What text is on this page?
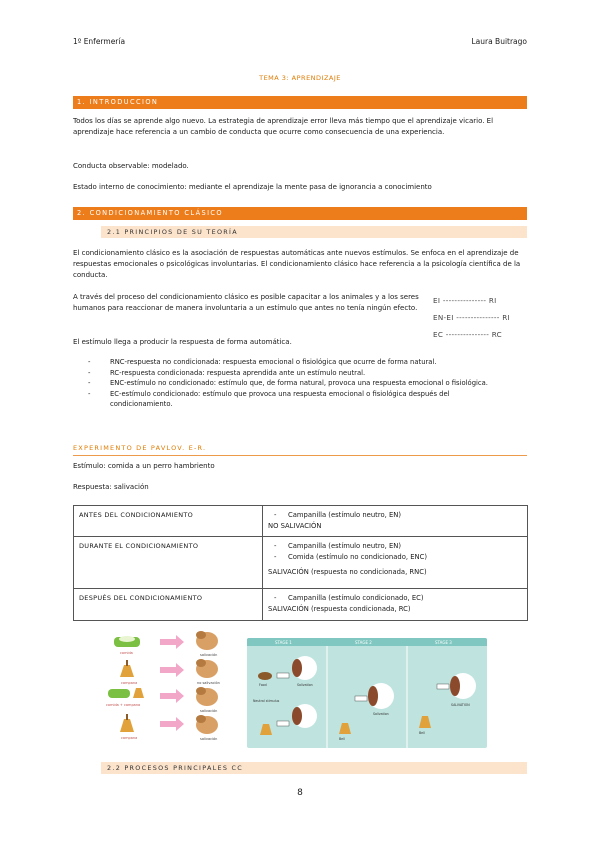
1º Enfermería	Laura Buitrago
TEMA 3: APRENDIZAJE
1. INTRODUCCION
Todos los días se aprende algo nuevo. La estrategia de aprendizaje error lleva más tiempo que el aprendizaje vicario. El aprendizaje hace referencia a un cambio de conducta que ocurre como consecuencia de una experiencia.
Conducta observable: modelado.
Estado interno de conocimiento: mediante el aprendizaje la mente pasa de ignorancia a conocimiento
2. CONDICIONAMIENTO CLÁSICO
2.1 PRINCIPIOS DE SU TEORÍA
El condicionamiento clásico es la asociación de respuestas automáticas ante nuevos estímulos. Se enfoca en el aprendizaje de respuestas emocionales o psicológicas involuntarias. El condicionamiento clásico hace referencia a la psicología científica de la conducta.
A través del proceso del condicionamiento clásico es posible capacitar a los animales y a los seres humanos para reaccionar de manera involuntaria a un estímulo que antes no tenía ningún efecto.
El estímulo llega a producir la respuesta de forma automática.
EI --------------- RI
EN-EI --------------- RI
EC --------------- RC
- RNC-respuesta no condicionada: respuesta emocional o fisiológica que ocurre de forma natural.
- RC-respuesta condicionada: respuesta aprendida ante un estímulo neutral.
- ENC-estímulo no condicionado: estímulo que, de forma natural, provoca una respuesta emocional o fisiológica.
- EC-estímulo condicionado: estímulo que provoca una respuesta emocional o fisiológica después del condicionamiento.
EXPERIMENTO DE PAVLOV. E-R.
Estímulo: comida a un perro hambriento
Respuesta: salivación
ANTES DEL CONDICIONAMIENTO	- Campanilla (estímulo neutro, EN)
NO SALIVACIÓN

DURANTE EL CONDICIONAMIENTO	- Campanilla (estímulo neutro, EN)
- Comida (estímulo no condicionado, ENC)
SALIVACIÓN (respuesta no condicionada, RNC)

DESPUÉS DEL CONDICIONAMIENTO	- Campanilla (estímulo condicionado, EC)
SALIVACIÓN (respuesta condicionada, RC)
comida
campana
comida + campana
campana
salivación
no salivación
salivación
salivación
STAGE 1	STAGE 2	STAGE 3
Food	Salivation
Neutral stimulus
Bell
Salivation
Bell
SALIVATION
2.2 PROCESOS PRINCIPALES CC
8
